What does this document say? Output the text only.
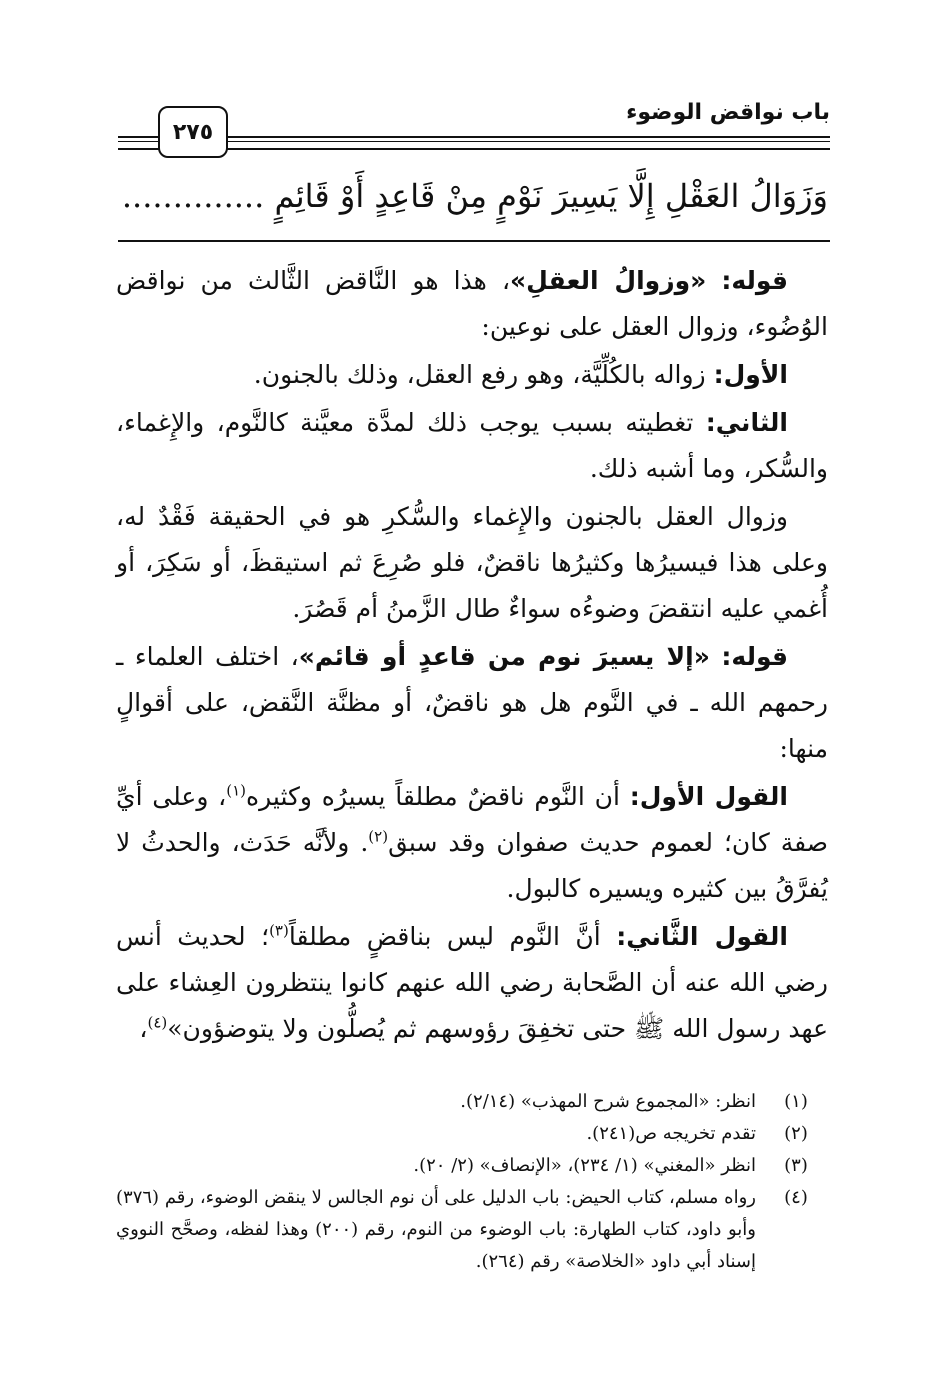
٢٧٥
باب نواقض الوضوء
وَزَوَالُ العَقْلِ إِلَّا يَسِيرَ نَوْمٍ مِنْ قَاعِدٍ أَوْ قَائِمٍ ..............

قوله: «وزوالُ العقلِ»، هذا هو النَّاقض الثَّالث من نواقض الوُضُوء، وزوال العقل على نوعين:

الأول: زواله بالكُلِّيَّة، وهو رفع العقل، وذلك بالجنون.

الثاني: تغطيته بسبب يوجب ذلك لمدَّة معيَّنة كالنَّوم، والإِغماء، والسُّكر، وما أشبه ذلك.

وزوال العقل بالجنون والإِغماء والسُّكرِ هو في الحقيقة فَقْدٌ له، وعلى هذا فيسيرُها وكثيرُها ناقضٌ، فلو صُرِعَ ثم استيقظَ، أو سَكِرَ، أو أُغمي عليه انتقضَ وضوءُه سواءٌ طال الزَّمنُ أم قَصُرَ.

قوله: «إلا يسيرَ نوم من قاعدٍ أو قائم»، اختلف العلماء ـ رحمهم الله ـ في النَّوم هل هو ناقضٌ، أو مظنَّة النَّقض، على أقوالٍ منها:

القول الأول: أن النَّوم ناقضٌ مطلقاً يسيرُه وكثيره$^{(١)}$، وعلى أيِّ صفة كان؛ لعموم حديث صفوان وقد سبق$^{(٢)}$. ولأنَّه حَدَث، والحدثُ لا يُفرَّقُ بين كثيره ويسيره كالبول.

القول الثَّاني: أنَّ النَّوم ليس بناقضٍ مطلقاً$^{(٣)}$؛ لحديث أنس رضي الله عنه أن الصَّحابة رضي الله عنهم كانوا ينتظرون العِشاء على عهد رسول الله ﷺ حتى تخفِقَ رؤوسهم ثم يُصلُّون ولا يتوضؤون»$^{(٤)}$،

(١)
انظر: «المجموع شرح المهذب» (٢/١٤).
(٢)
تقدم تخريجه ص(٢٤١).
(٣)
انظر «المغني» (١/ ٢٣٤)، «الإنصاف» (٢/ ٢٠).
(٤)
رواه مسلم، كتاب الحيض: باب الدليل على أن نوم الجالس لا ينقض الوضوء، رقم (٣٧٦) وأبو داود، كتاب الطهارة: باب الوضوء من النوم، رقم (٢٠٠) وهذا لفظه، وصحَّح النووي إسناد أبي داود «الخلاصة» رقم (٢٦٤).
